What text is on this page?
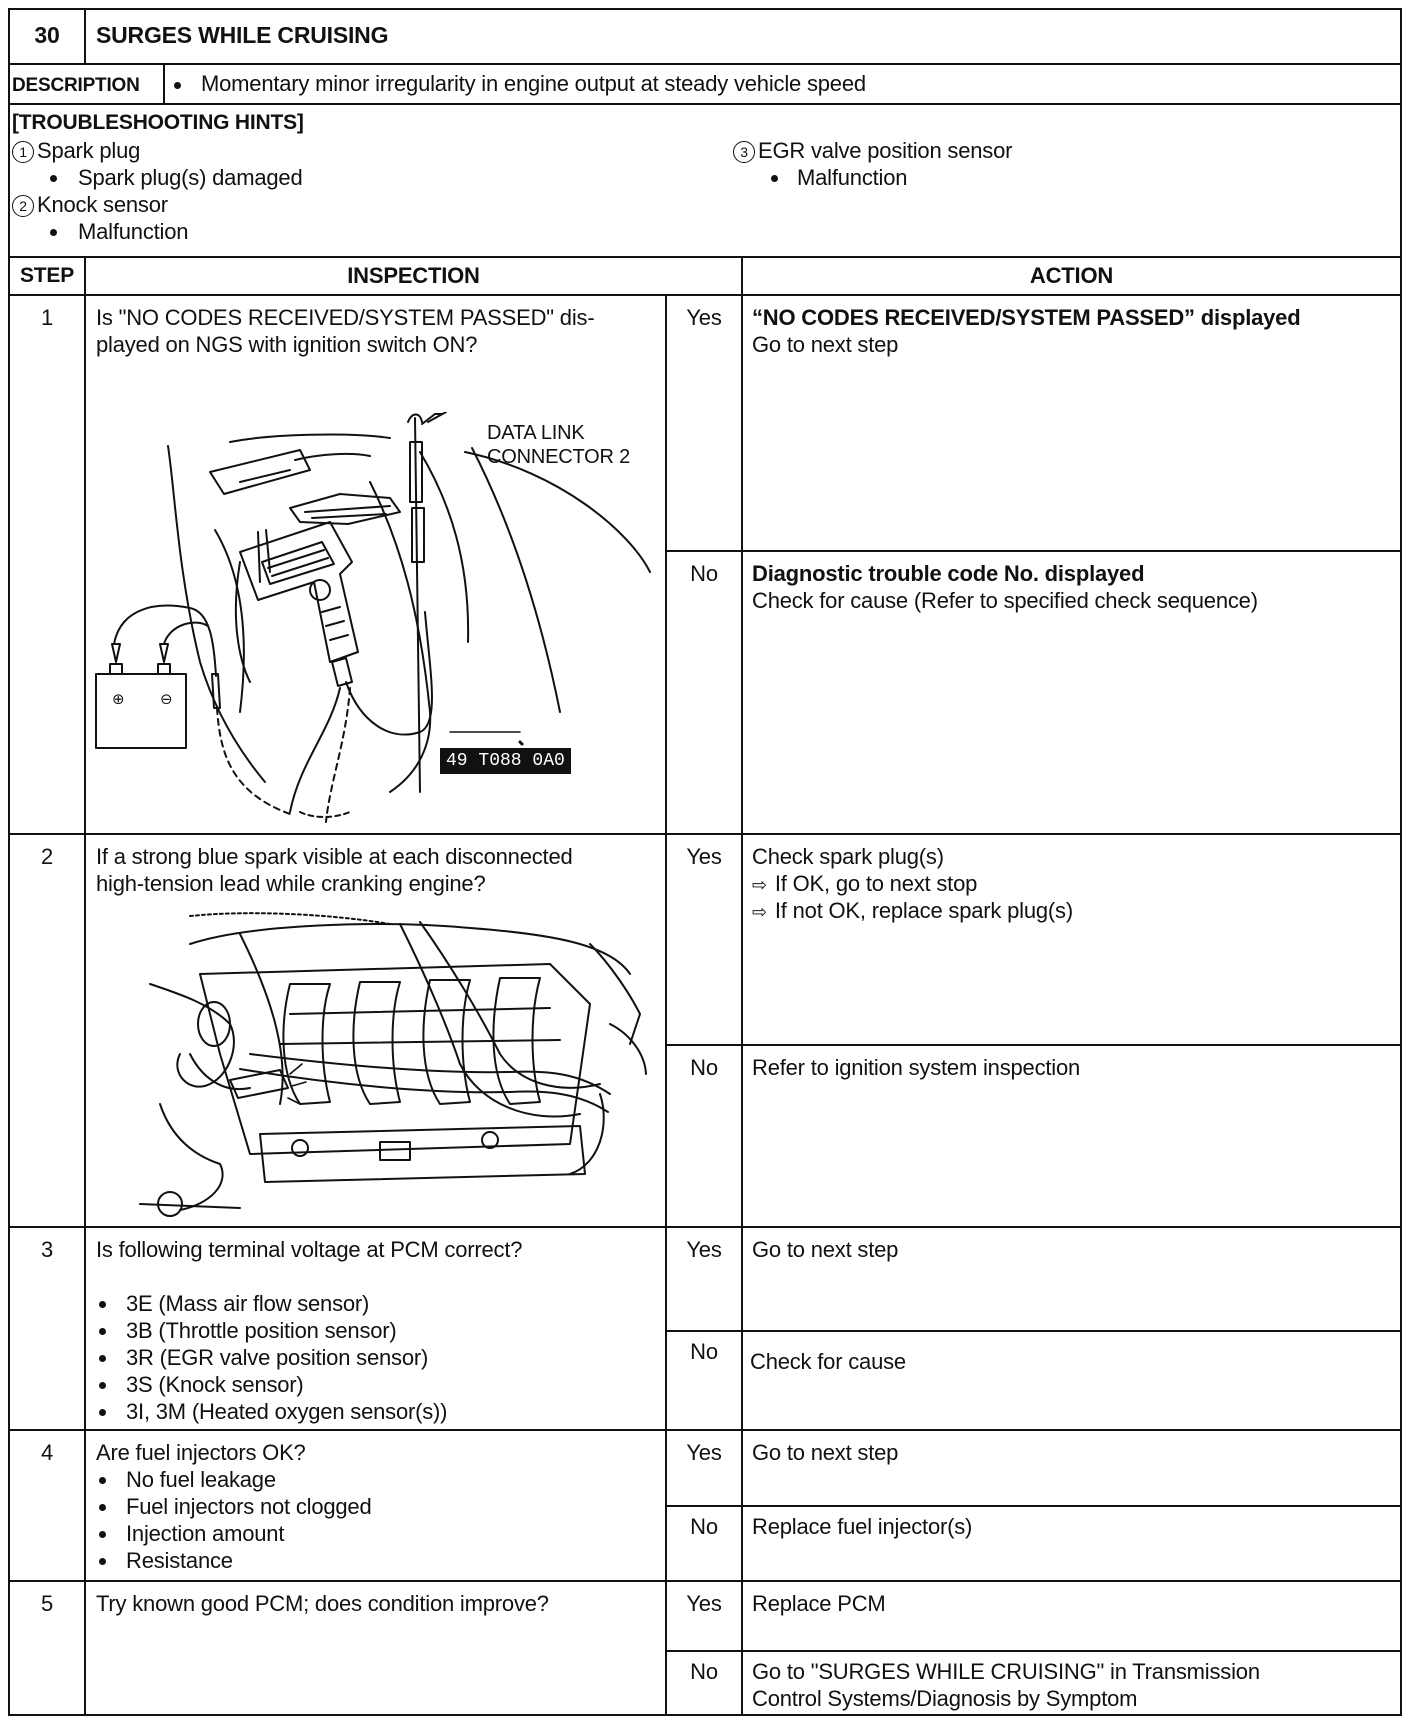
30	SURGES WHILE CRUISING
DESCRIPTION	Momentary minor irregularity in engine output at steady vehicle speed
[TROUBLESHOOTING HINTS]
1 Spark plug
Spark plug(s) damaged
2 Knock sensor
Malfunction
3 EGR valve position sensor
Malfunction
STEP	INSPECTION	ACTION
1	Is "NO CODES RECEIVED/SYSTEM PASSED" dis-
played on NGS with ignition switch ON?
⊕ ⊖
DATA LINK
CONNECTOR 2
49 T088 0A0
Yes	“NO CODES RECEIVED/SYSTEM PASSED” displayed
Go to next step
No	Diagnostic trouble code No. displayed
Check for cause (Refer to specified check sequence)
2	If a strong blue spark visible at each disconnected
high-tension lead while cranking engine?
Yes	Check spark plug(s)
⇨ If OK, go to next stop
⇨ If not OK, replace spark plug(s)
No	Refer to ignition system inspection
3	Is following terminal voltage at PCM correct?
3E (Mass air flow sensor)
3B (Throttle position sensor)
3R (EGR valve position sensor)
3S (Knock sensor)
3I, 3M (Heated oxygen sensor(s))
Yes	Go to next step
No	Check for cause
4	Are fuel injectors OK?
No fuel leakage
Fuel injectors not clogged
Injection amount
Resistance
Yes	Go to next step
No	Replace fuel injector(s)
5	Try known good PCM; does condition improve?	Yes	Replace PCM
No	Go to "SURGES WHILE CRUISING" in Transmission
Control Systems/Diagnosis by Symptom
